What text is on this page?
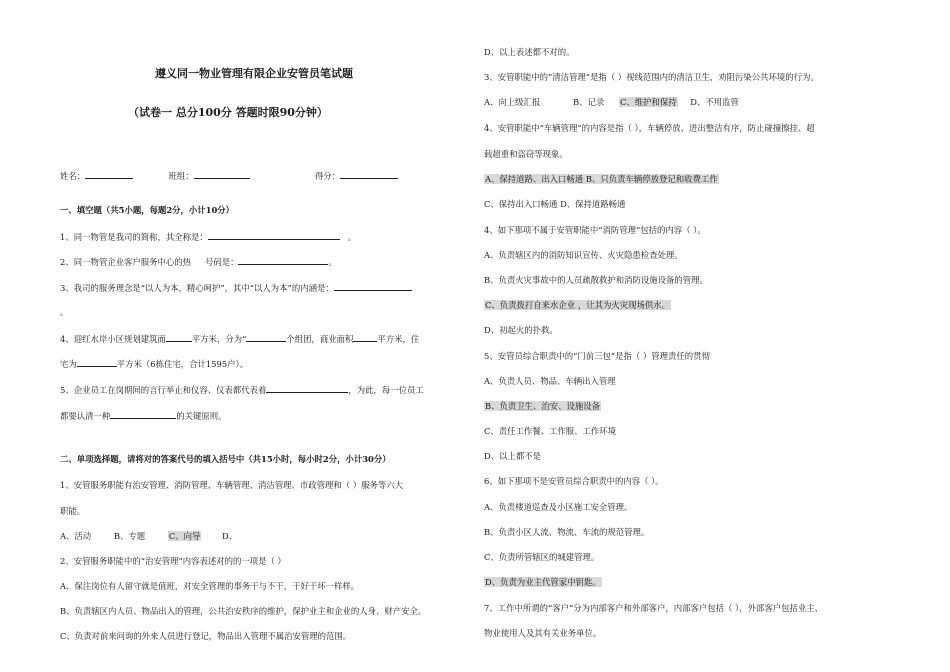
遵义同一物业管理有限企业安管员笔试题
（试卷一 总分100分 答题时限90分钟）
姓名：	班组：	得分：
一、填空题（共5小题，每题2分，小计10分）
1、同一物管是我司的简称，其全称是：	。
2、同一物管企业客户服务中心的热 号码是：	。
3、我司的服务理念是“以人为本，精心呵护”，其中“以人为本”的内涵是：
。
4、迎红水岸小区规划建筑面	平方米，分为“	个组团，商业面积	平方米，住
宅为	平方米（6栋住宅，合计1595户）。
5、企业员工在岗期间的言行举止和仪容、仪表都代表着	，为此，每一位员工
都要认清一种	的关键原则。
二、单项选择题，请将对的答案代号的填入括号中（共15小时，每小时2分，小计30分）
1、安管服务职能有治安管理、消防管理、车辆管理、消洁管理、市政管理和（ ）服务等六大
职能。
A、活动	B、专题	C、向导	D、
2、安管服务职能中的“治安管理”内容表述对的的一项是（ ）
A、保注岗位有人留守就是值班，对安全管理的事务干与不干，干好干坏一样样。
B、负责辖区内人员、物品出入的管理，公共治安秩序的维护，保护业主和企业的人身、财产安全。
C、负责对前来问询的外来人员进行登记，物品出入管理不属治安管理的范围。
D、以上表述都不对的。
3、安管职能中的“清洁管理”是指（ ）视线范围内的清洁卫生，劝阻污染公共环境的行为。
A、向上级汇报	B、记录 C、维护和保持 D、不用监管
4、安管职能中“车辆管理”的内容是指（ ），车辆停放、进出整洁有序，防止碰撞擦挂、超
载超重和盗窃等现象。
A、保持道路、出入口畅通 B、只负责车辆停放登记和收费工作
C、保持出入口畅通 D、保持道路畅通
4、如下那项不属于安管职能中“消防管理”包括的内容（ ）。
A、负责辖区内的消防知识宣传、火灾隐患检查处理。
B、负责火灾事故中的人员疏散救护和消防设施设备的管理。
C、负责拨打自来水企业 ，让其为火灾现场供水。
D、初起火的扑救。
5、安管员综合职责中的“门前三包”是指（ ）管理责任的贯彻
A、负责人员、物品、车辆出入管理
B、负责卫生、治安、设施设备
C、责任工作餐、工作服、工作环境
D、以上都不是
6、如下那项不是安管员综合职责中的内容（ ）。
A、负责楼道巡查及小区施工安全管理。
B、负责小区人流、物流、车流的规范管理。
C、负责所管辖区的城建管理。
D、负责为业主代管家中钥匙。
7、工作中所谓的“客户”分为内部客户和外部客户，内部客户包括（ ），外部客户包括业主、
物业使用人及其有关业务单位。
